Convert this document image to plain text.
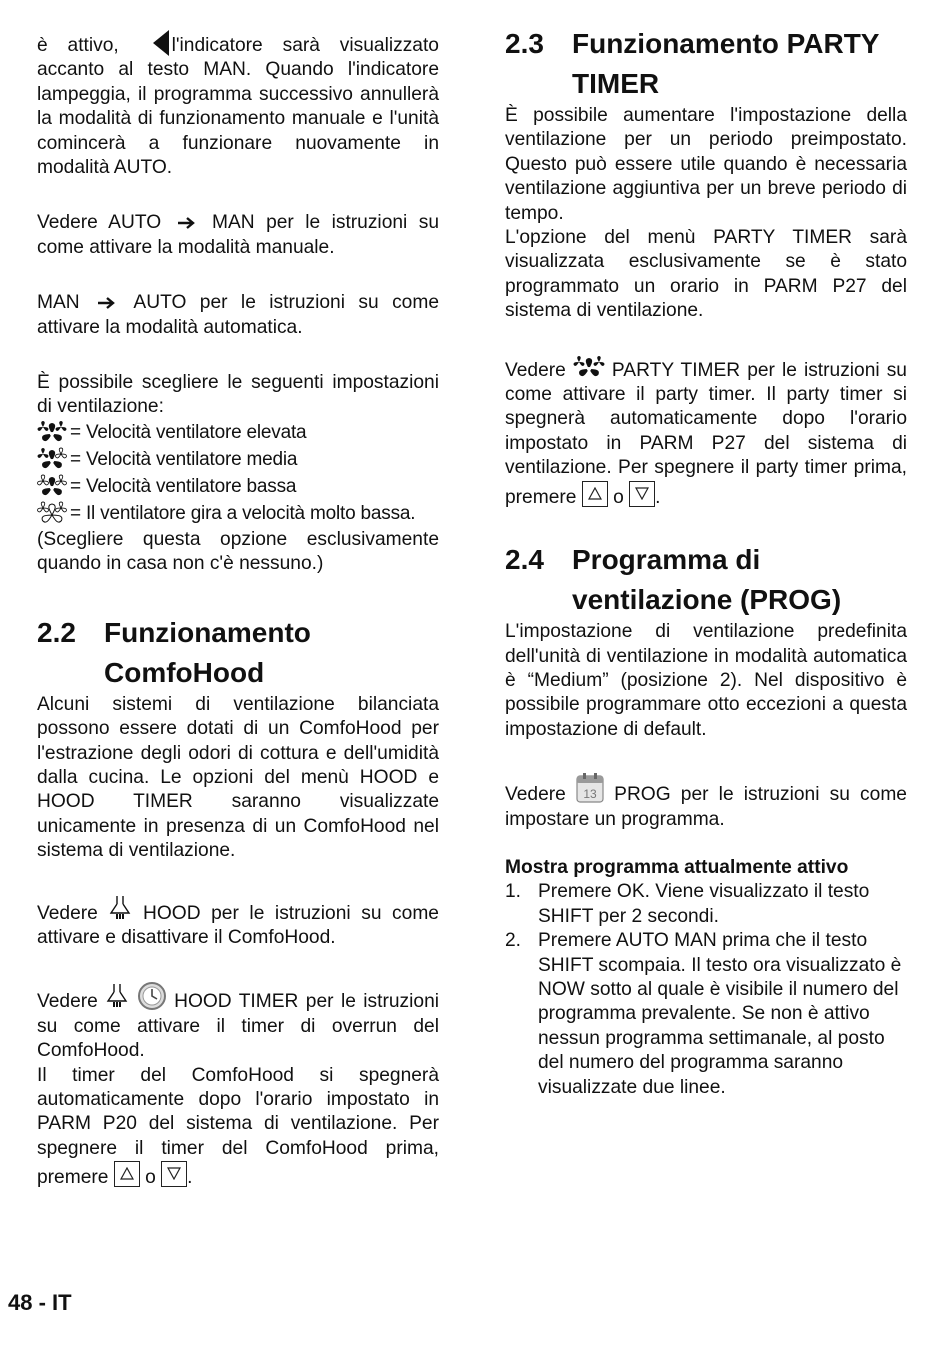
è attivo,	l'indicatore sarà visualizzato accanto al testo MAN. Quando l'indicatore lampeggia, il programma successivo annullerà la modalità di funzionamento manuale e l'unità comincerà a funzionare nuovamente in modalità AUTO.

Vedere AUTO	MAN per le istruzioni su come attivare la modalità manuale.

MAN	AUTO per le istruzioni su come attivare la modalità automatica.

È possibile scegliere le seguenti impostazioni di ventilazione:

= Velocità ventilatore elevata
= Velocità ventilatore media
= Velocità ventilatore bassa
= Il ventilatore gira a velocità molto bassa.

(Scegliere questa opzione esclusivamente quando in casa non c'è nessuno.)

2.2 Funzionamento ComfoHood

Alcuni sistemi di ventilazione bilanciata possono essere dotati di un ComfoHood per l'estrazione degli odori di cottura e dell'umidità dalla cucina. Le opzioni del menù HOOD e HOOD TIMER saranno visualizzate unicamente in presenza di un ComfoHood nel sistema di ventilazione.

Vedere HOOD per le istruzioni su come attivare e disattivare il ComfoHood.

Vedere	HOOD TIMER per le istruzioni su come attivare il timer di overrun del ComfoHood.

Il timer del ComfoHood si spegnerà automaticamente dopo l'orario impostato in PARM P20 del sistema di ventilazione. Per spegnere il timer del ComfoHood prima, premere o .

2.3 Funzionamento PARTY TIMER

È possibile aumentare l'impostazione della ventilazione per un periodo preimpostato. Questo può essere utile quando è necessaria ventilazione aggiuntiva per un breve periodo di tempo.

L'opzione del menù PARTY TIMER sarà visualizzata esclusivamente se è stato programmato un orario in PARM P27 del sistema di ventilazione.

Vedere PARTY TIMER per le istruzioni su come attivare il party timer. Il party timer si spegnerà automaticamente dopo l'orario impostato in PARM P27 del sistema di ventilazione. Per spegnere il party timer prima, premere o .

2.4 Programma di ventilazione (PROG)

L'impostazione di ventilazione predefinita dell'unità di ventilazione in modalità automatica è “Medium” (posizione 2). Nel dispositivo è possibile programmare otto eccezioni a questa impostazione di default.

Vedere 13 PROG per le istruzioni su come impostare un programma.

Mostra programma attualmente attivo

1. Premere OK. Viene visualizzato il testo SHIFT per 2 secondi.
2. Premere AUTO MAN prima che il testo SHIFT scompaia. Il testo ora visualizzato è NOW sotto al quale è visibile il numero del programma prevalente. Se non è attivo nessun programma settimanale, al posto del numero del programma saranno visualizzate due linee.
48 - IT
